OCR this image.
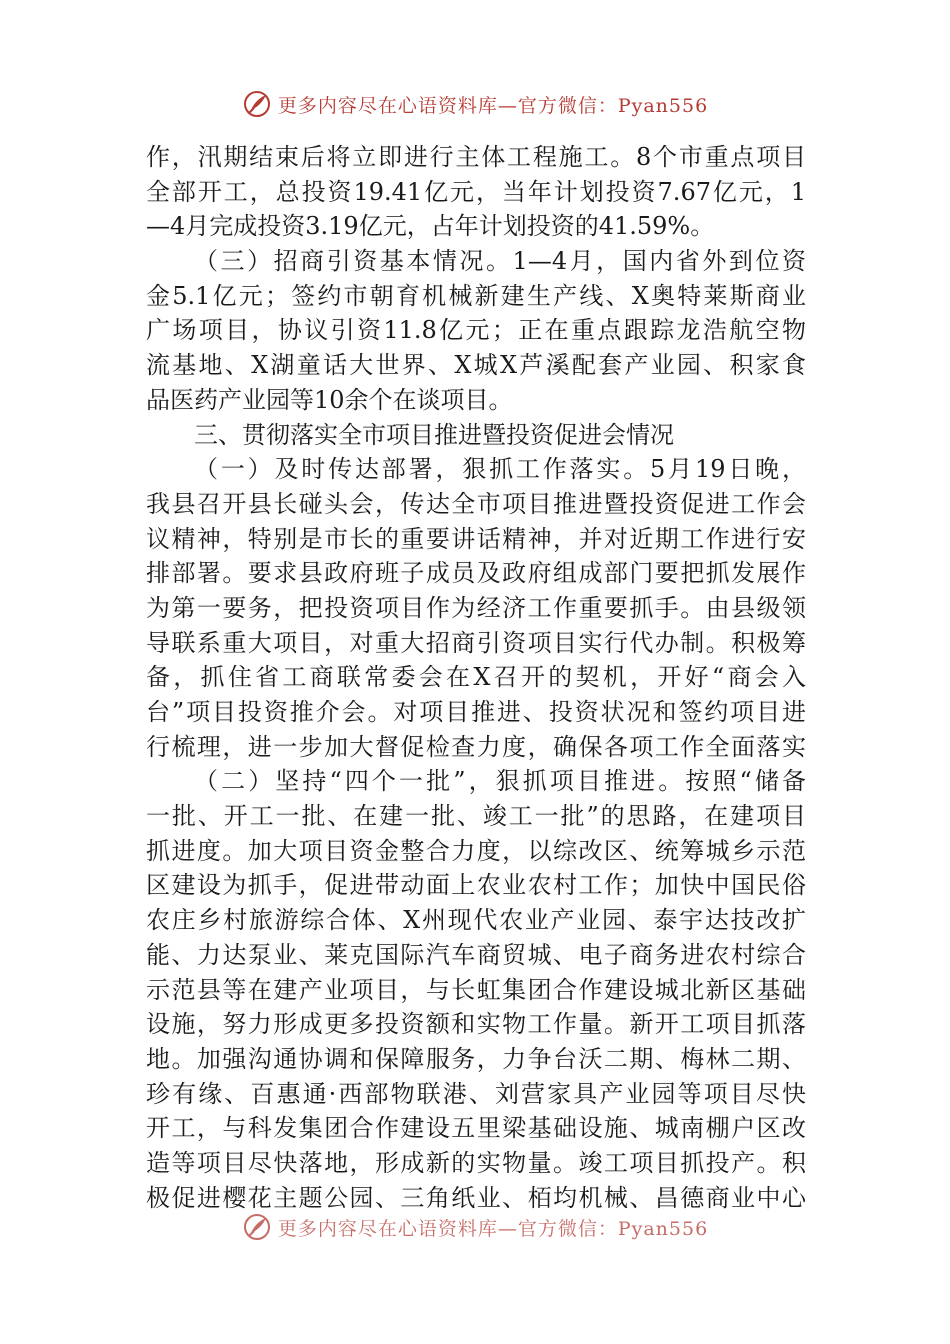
更多内容尽在心语资料库—官方微信：Pyan556
作，汛期结束后将立即进行主体工程施工。8个市重点项目
全部开工，总投资19.41亿元，当年计划投资7.67亿元，1
—4月完成投资3.19亿元，占年计划投资的41.59%。
（三）招商引资基本情况。1—4月，国内省外到位资
金5.1亿元；签约市朝育机械新建生产线、X奥特莱斯商业
广场项目，协议引资11.8亿元；正在重点跟踪龙浩航空物
流基地、X湖童话大世界、X城X芦溪配套产业园、积家食
品医药产业园等10余个在谈项目。
三、贯彻落实全市项目推进暨投资促进会情况
（一）及时传达部署，狠抓工作落实。5月19日晚，
我县召开县长碰头会，传达全市项目推进暨投资促进工作会
议精神，特别是市长的重要讲话精神，并对近期工作进行安
排部署。要求县政府班子成员及政府组成部门要把抓发展作
为第一要务，把投资项目作为经济工作重要抓手。由县级领
导联系重大项目，对重大招商引资项目实行代办制。积极筹
备，抓住省工商联常委会在X召开的契机，开好“商会入
台”项目投资推介会。对项目推进、投资状况和签约项目进
行梳理，进一步加大督促检查力度，确保各项工作全面落实
（二）坚持“四个一批”，狠抓项目推进。按照“储备
一批、开工一批、在建一批、竣工一批”的思路，在建项目
抓进度。加大项目资金整合力度，以综改区、统筹城乡示范
区建设为抓手，促进带动面上农业农村工作；加快中国民俗
农庄乡村旅游综合体、X州现代农业产业园、泰宇达技改扩
能、力达泵业、莱克国际汽车商贸城、电子商务进农村综合
示范县等在建产业项目，与长虹集团合作建设城北新区基础
设施，努力形成更多投资额和实物工作量。新开工项目抓落
地。加强沟通协调和保障服务，力争台沃二期、梅林二期、
珍有缘、百惠通·西部物联港、刘营家具产业园等项目尽快
开工，与科发集团合作建设五里梁基础设施、城南棚户区改
造等项目尽快落地，形成新的实物量。竣工项目抓投产。积
极促进樱花主题公园、三角纸业、栢均机械、昌德商业中心
更多内容尽在心语资料库—官方微信：Pyan556
